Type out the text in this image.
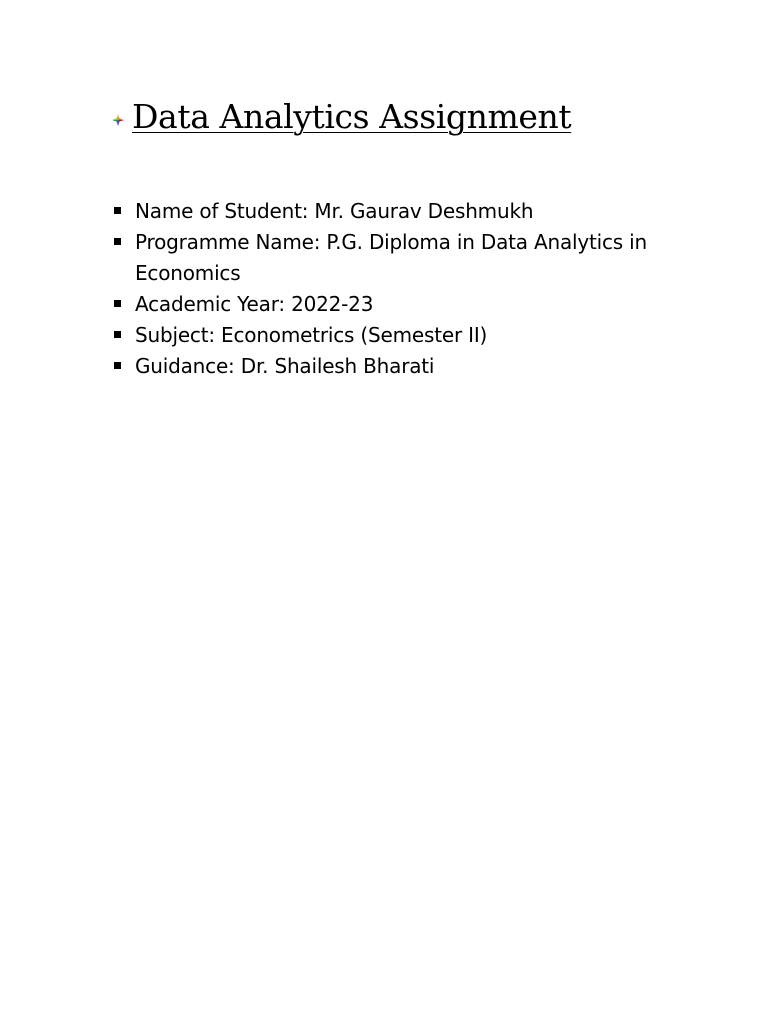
Data Analytics Assignment
Name of Student: Mr. Gaurav Deshmukh
Programme Name: P.G. Diploma in Data Analytics in Economics
Academic Year: 2022-23
Subject: Econometrics (Semester II)
Guidance: Dr. Shailesh Bharati
